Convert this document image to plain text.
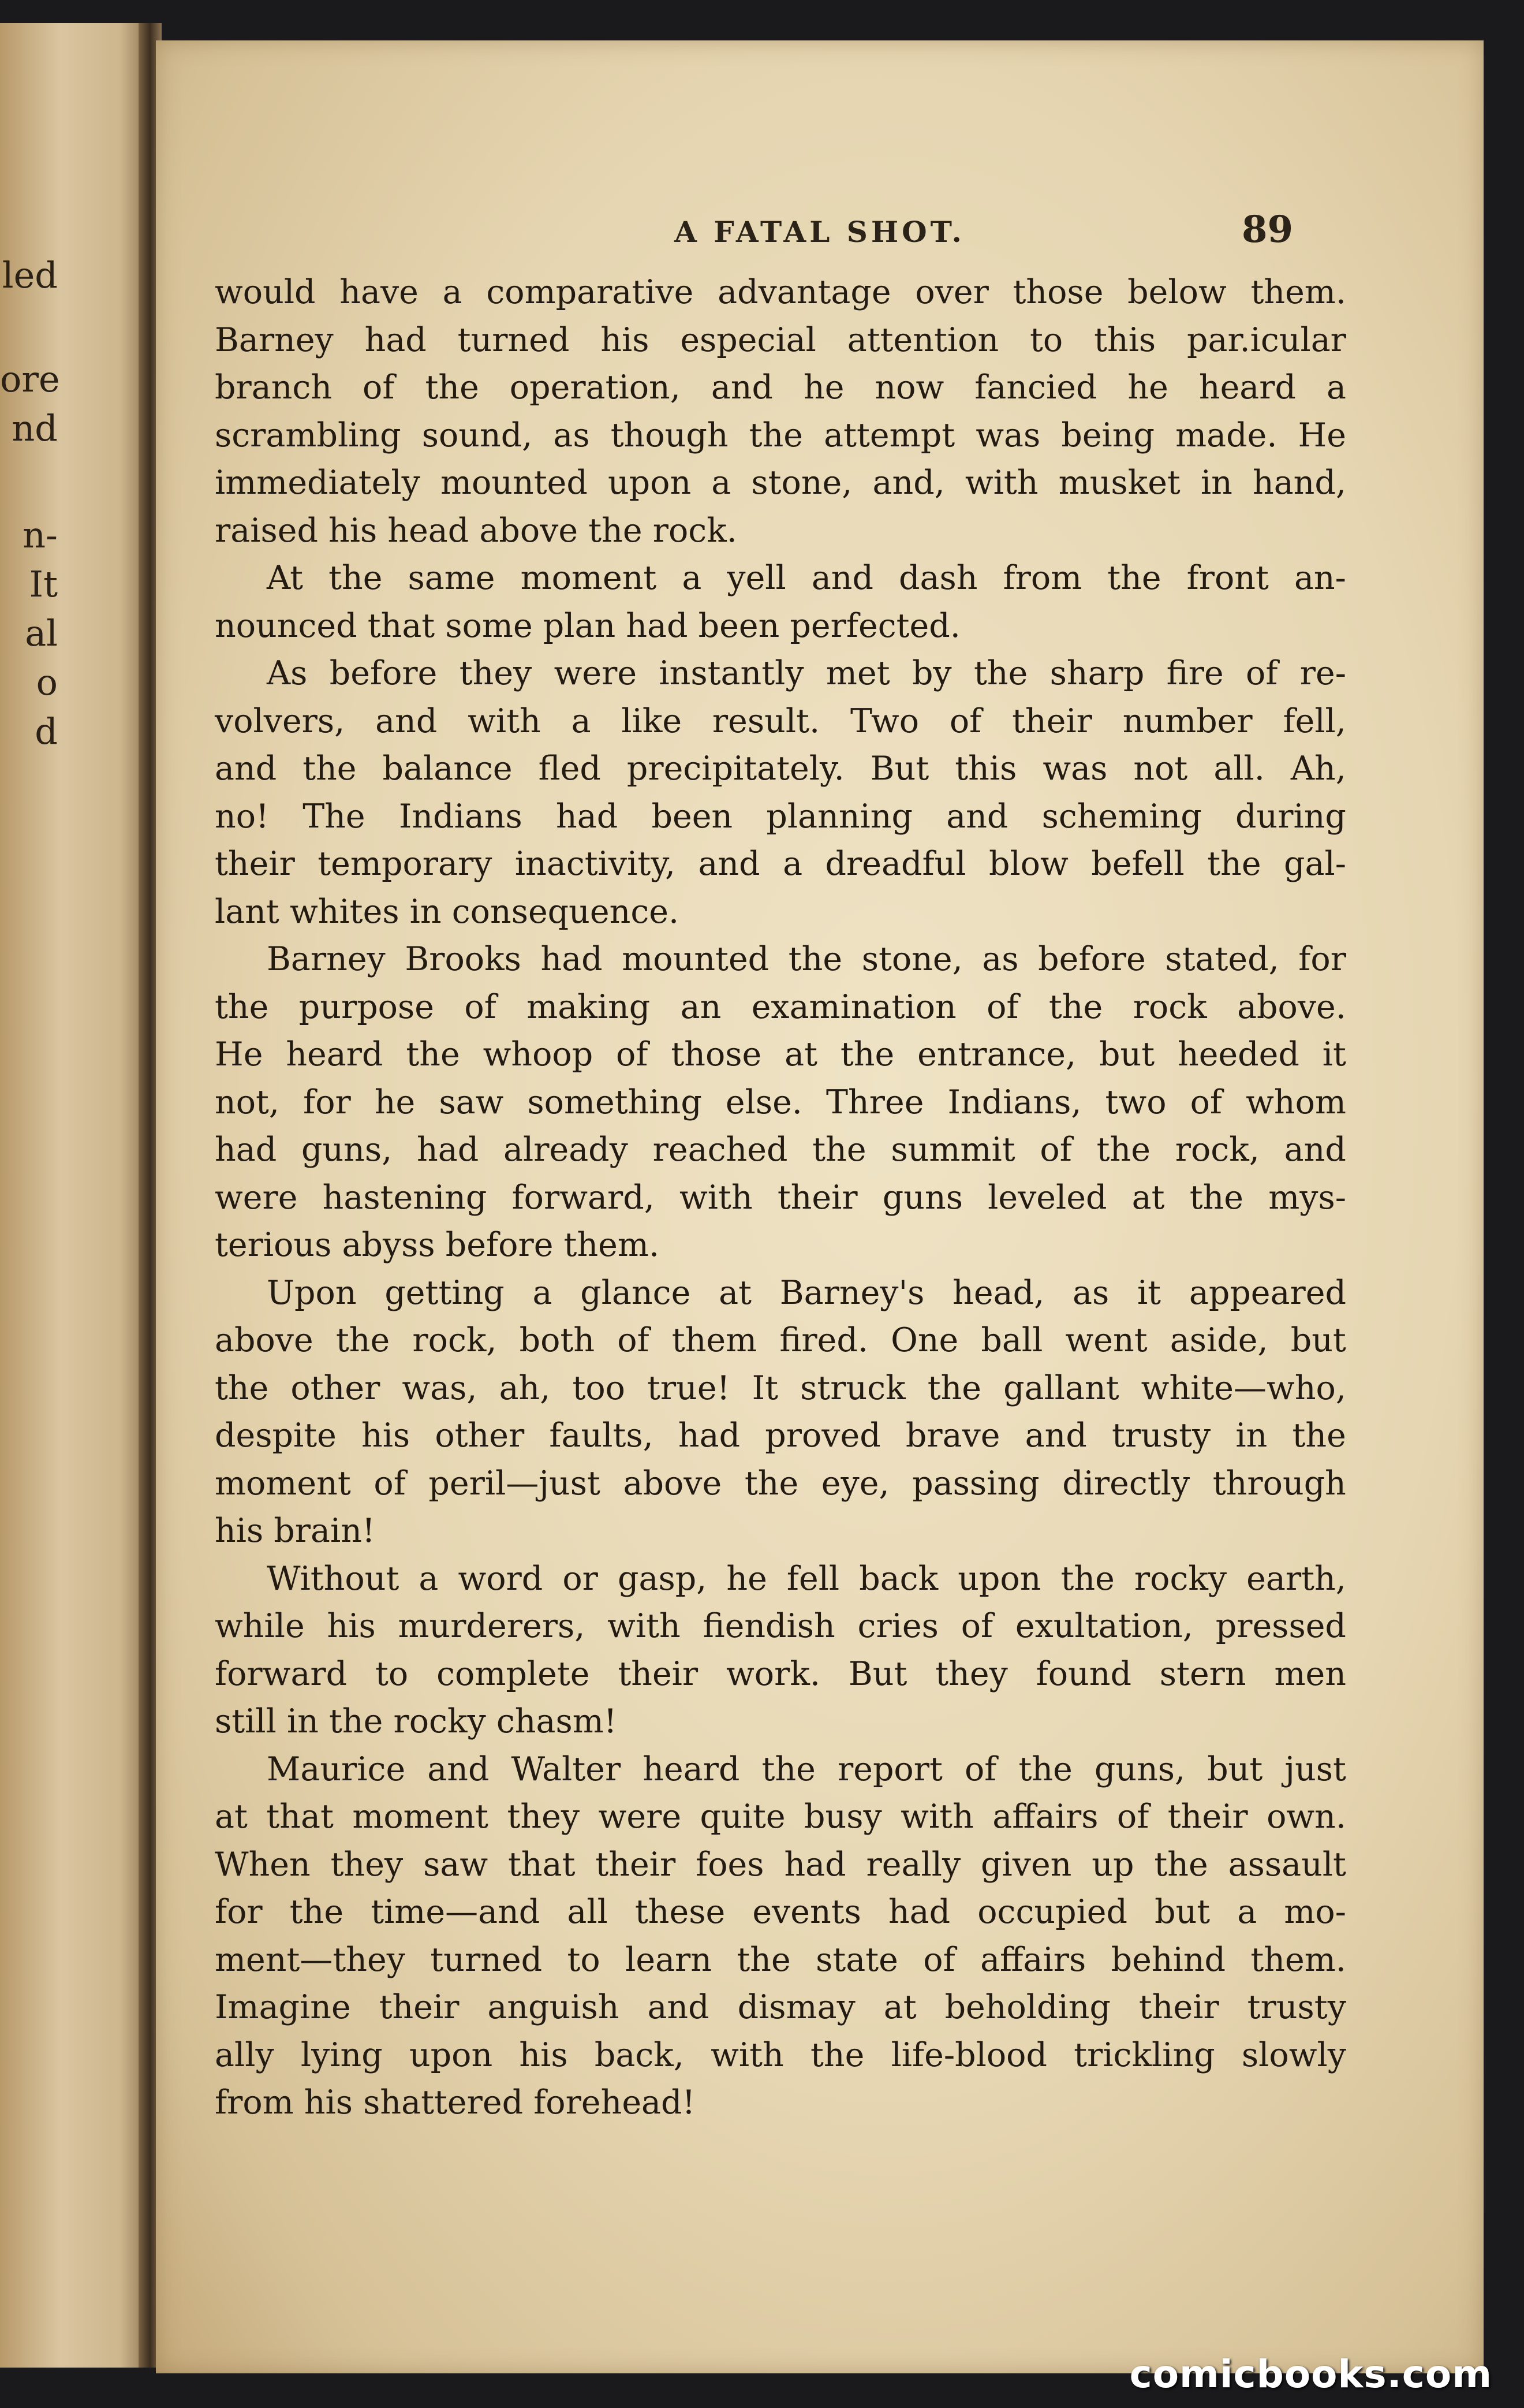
led
ore
nd
n-
It
al
o
d
A FATAL SHOT.	89
would have a comparative advantage over those below them.
Barney had turned his especial attention to this par.icular
branch of the operation, and he now fancied he heard a
scrambling sound, as though the attempt was being made. He
immediately mounted upon a stone, and, with musket in hand,
raised his head above the rock.
At the same moment a yell and dash from the front an-
nounced that some plan had been perfected.
As before they were instantly met by the sharp fire of re-
volvers, and with a like result. Two of their number fell,
and the balance fled precipitately. But this was not all. Ah,
no! The Indians had been planning and scheming during
their temporary inactivity, and a dreadful blow befell the gal-
lant whites in consequence.
Barney Brooks had mounted the stone, as before stated, for
the purpose of making an examination of the rock above.
He heard the whoop of those at the entrance, but heeded it
not, for he saw something else. Three Indians, two of whom
had guns, had already reached the summit of the rock, and
were hastening forward, with their guns leveled at the mys-
terious abyss before them.
Upon getting a glance at Barney's head, as it appeared
above the rock, both of them fired. One ball went aside, but
the other was, ah, too true! It struck the gallant white—who,
despite his other faults, had proved brave and trusty in the
moment of peril—just above the eye, passing directly through
his brain!
Without a word or gasp, he fell back upon the rocky earth,
while his murderers, with fiendish cries of exultation, pressed
forward to complete their work. But they found stern men
still in the rocky chasm!
Maurice and Walter heard the report of the guns, but just
at that moment they were quite busy with affairs of their own.
When they saw that their foes had really given up the assault
for the time—and all these events had occupied but a mo-
ment—they turned to learn the state of affairs behind them.
Imagine their anguish and dismay at beholding their trusty
ally lying upon his back, with the life-blood trickling slowly
from his shattered forehead!
comicbooks.com
